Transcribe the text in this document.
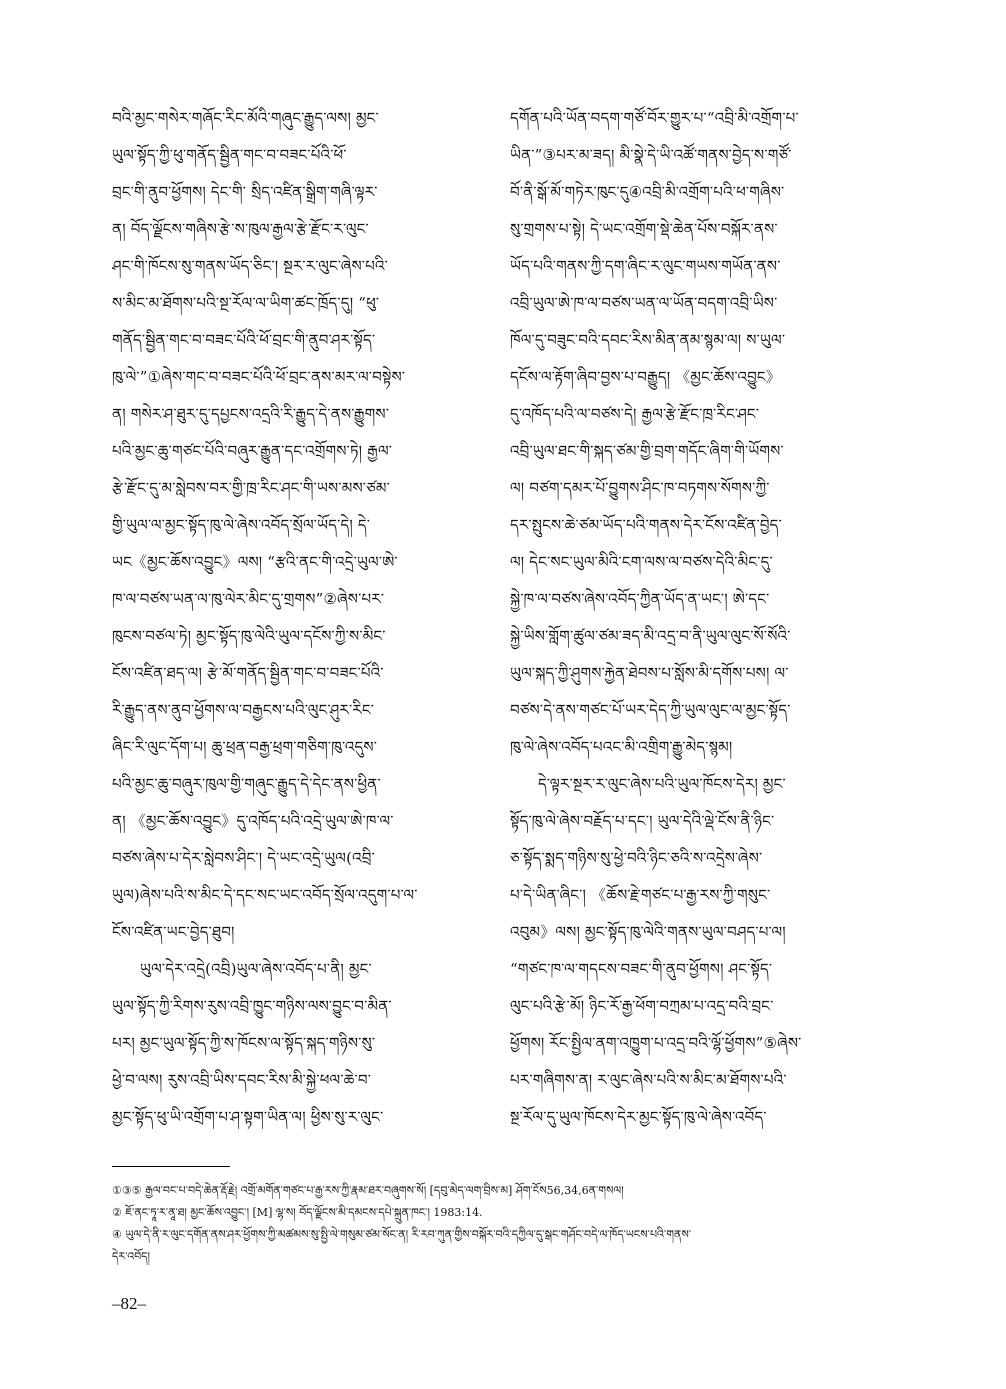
བའི་མྱང་གསེར་གཞོང་རིང་མོའི་གཞུང་རྒྱུད་ལས། མྱང་
ཡུལ་སྟོད་ཀྱི་ཕུ་གནོད་སྦྱིན་གང་བ་བཟང་པོའི་ཕོ་
བྲང་གི་ནུབ་ཕྱོགས། དེང་གི་ སྲིད་འཛིན་སྒྲིག་གཞི་ལྟར་
ན། བོད་ལྗོངས་གཞིས་རྩེ་ས་ཁུལ་རྒྱལ་རྩེ་རྫོང་ར་ལུང་
ཤང་གི་ཁོངས་སུ་གནས་ཡོད་ཅིང་། སྔར་ར་ལུང་ཞེས་པའི་
ས་མིང་མ་ཐོགས་པའི་སྔ་རོལ་ལ་ཡིག་ཚང་ཁྲོད་དུ། “ཕུ་
གནོད་སྦྱིན་གང་བ་བཟང་པོའི་ཕོ་བྲང་གི་ནུབ་ཤར་སྟོད་
ཁུ་ལེ་”①ཞེས་གང་བ་བཟང་པོའི་ཕོ་བྲང་ནས་མར་ལ་བསྟེས་
ན། གསེར་ཤ་ཐུར་དུ་དཔྱངས་འདྲའི་རི་རྒྱུད་དེ་ནས་རྒྱུགས་
པའི་མྱང་ཆུ་གཙང་པོའི་བཞུར་རྒྱུན་དང་འགྲོགས་ཏེ། རྒྱལ་
རྩེ་རྫོང་དུ་མ་སླེབས་བར་གྱི་ཁྲ་རིང་ཤང་གི་ཡས་མས་ཙམ་
གྱི་ཡུལ་ལ་མྱང་སྟོད་ཁུ་ལེ་ཞེས་འབོད་སྲོལ་ཡོད་དེ། དེ་
ཡང《མྱང་ཆོས་འབྱུང》ལས། “རྩའི་ནང་གི་འདྲེ་ཡུལ་ཨེ་
ཁ་ལ་བཙས་ཡན་ལ་ཁུ་ལེར་མིང་དུ་གྲགས”②ཞེས་པར་
ཁུངས་བཙལ་ཏེ། མྱང་སྟོད་ཁུ་ལེའི་ཡུལ་དངོས་ཀྱི་ས་མིང་
ངོས་འཛིན་ཐད་ལ། རྩེ་མོ་གནོད་སྦྱིན་གང་བ་བཟང་པོའི་
རི་རྒྱུད་ནས་ནུབ་ཕྱོགས་ལ་བརྒྱངས་པའི་ལུང་ཤུར་རིང་
ཞིང་རི་ལུང་དོག་པ། ཆུ་ཕྲན་བརྒྱ་ཕྲག་གཅིག་ཁུ་འདུས་
པའི་མྱང་ཆུ་བཞུར་ཁུལ་གྱི་གཞུང་རྒྱུད་དེ་དེང་ནས་ཕྱིན་
ན། 《མྱང་ཆོས་འབྱུང》དུ་འཁོད་པའི་འདྲེ་ཡུལ་ཨེ་ཁ་ལ་
བཙས་ཞེས་པ་དེར་སླེབས་ཤིང་། དེ་ཡང་འདྲེ་ཡུལ(འབྲི་
ཡུལ)ཞེས་པའི་ས་མིང་དེ་དང་སང་ཡང་འབོད་སྲོལ་འདུག་པ་ལ་
ངོས་འཛིན་ཡང་བྱེད་ཐུབ།
ཡུལ་དེར་འདྲེ(འབྲི)ཡུལ་ཞེས་འབོད་པ་ནི། མྱང་
ཡུལ་སྟོད་ཀྱི་རིགས་རུས་འབྲི་ཁྱུང་གཉིས་ལས་བྱུང་བ་མིན་
པར། མྱང་ཡུལ་སྟོད་ཀྱི་ས་ཁོངས་ལ་སྟོད་སྐད་གཉིས་སུ་
ཕྱེ་བ་ལས། རུས་འབྲི་ཡིས་དབང་རིས་མི་སྐྱེ་ཕལ་ཆེ་བ་
མྱང་སྟོད་ཕུ་ཡི་འགྲོག་པ་ཤ་སྟག་ཡིན་ལ། ཕྱིས་སུ་ར་ལུང་
དགོན་པའི་ཡོན་བདག་གཙོ་བོར་གྱུར་པ་“འབྲི་མི་འགྲོག་པ་
ཡིན་”③པར་མ་ཟད། མི་སྣེ་དེ་ཡི་འཚོ་གནས་བྱེད་ས་གཙོ་
བོ་ནི་སྒོ་མོ་གཏེར་ཁུང་དུ④འབྲི་མི་འགྲོག་པའི་ཕ་གཞིས་
སུ་གྲགས་པ་སྟེ། དེ་ཡང་འགྲོག་སྡེ་ཆེན་པོས་བསྐོར་ནས་
ཡོད་པའི་གནས་ཀྱི་དག་ཞིང་ར་ལུང་གཡས་གཡོན་ནས་
འབྲི་ཡུལ་ཨེ་ཁ་ལ་བཙས་ཡན་ལ་ཡོན་བདག་འབྲི་ཡིས་
ཁོལ་དུ་བཟུང་བའི་དབང་རིས་མིན་ནམ་སྙམ་ལ། ས་ཡུལ་
དངོས་ལ་རྟོག་ཞིབ་བྱས་པ་བརྒྱུད། 《མྱང་ཆོས་འབྱུང》
དུ་འཁོད་པའི་ལ་བཙས་དེ། རྒྱལ་རྩེ་རྫོང་ཁྲ་རིང་ཤང་
འབྲི་ཡུལ་ཐང་གི་སྐད་ཙམ་གྱི་བྲག་གདོང་ཞིག་གི་ཡོགས་
ལ། བཙག་དམར་པོ་བྱུགས་ཤིང་ཁ་བཏགས་སོགས་ཀྱི་
དར་སྤུངས་ཆེ་ཙམ་ཡོད་པའི་གནས་དེར་ངོས་འཛིན་བྱེད་
ལ། དེང་སང་ཡུལ་མིའི་ངག་ལས་ལ་བཙས་དེའི་མིང་དུ་
སྐྱེ་ཁ་ལ་བཙས་ཞེས་འབོད་ཀྱིན་ཡོད་ན་ཡང་། ཨེ་དང་
སྐྱེ་ཡིས་གློག་ཚུལ་ཙམ་ཟད་མི་འདྲ་བ་ནི་ཡུལ་ལུང་སོ་སོའི་
ཡུལ་སྐད་ཀྱི་ཤུགས་རྐྱེན་ཐེབས་པ་སློས་མི་དགོས་པས། ལ་
བཙས་དེ་ནས་གཙང་པོ་ཡར་དེད་ཀྱི་ཡུལ་ལུང་ལ་མྱང་སྟོད་
ཁུ་ལེ་ཞེས་འབོད་པའང་མི་འགྲིག་རྒྱུ་མེད་སྙམ།
དེ་ལྟར་སྔར་ར་ལུང་ཞེས་པའི་ཡུལ་ཁོངས་དེར། མྱང་
སྟོད་ཁུ་ལེ་ཞེས་བརྗོད་པ་དང་། ཡུལ་དེའི་ལྡེ་ངོས་ནི་ཉིང་
ཅ་སྟོད་སྨད་གཉིས་སུ་ཕྱེ་བའི་ཉིང་ཅའི་ས་འདྲེས་ཞེས་
པ་དེ་ཡིན་ཞིང་། 《ཆོས་རྗེ་གཙང་པ་རྒྱ་རས་ཀྱི་གསུང་
འབུམ》ལས། མྱང་སྟོད་ཁུ་ལེའི་གནས་ཡུལ་བཤད་པ་ལ།
“གཙང་ཁ་ལ་གདངས་བཟང་གི་ནུབ་ཕྱོགས། ཤང་སྟོད་
ལུང་པའི་རྩེ་མོ། ཉིང་རོ་རྒྱ་ཕོག་བཀྲམ་པ་འདྲ་བའི་བྲང་
ཕྱོགས། རོང་སྤྱིལ་ནག་འཁྱུག་པ་འདྲ་བའི་ལྷོ་ཕྱོགས”⑤ཞེས་
པར་གཞིགས་ན། ར་ལུང་ཞེས་པའི་ས་མིང་མ་ཐོགས་པའི་
སྔ་རོལ་དུ་ཡུལ་ཁོངས་དེར་མྱང་སྟོད་ཁུ་ལེ་ཞེས་འབོད་
①③⑤ རྒྱལ་བང་པ་བདེ་ཆེན་རྡོ་རྗེ། འགྲོ་མགོན་གཙང་པ་རྒྱ་རས་ཀྱི་རྣམ་ཐར་བཞུགས་སོ། [དབུ་མེད་ལག་བྲིས་མ] ཤོག་ངོས56,34,6ན་གསལ།
② ཇོ་ནང་ཏཱ་ར་ནཱ་ཐ། མྱང་ཆོས་འབྱུང་། [M] ལྷ་ས། བོད་ལྗོངས་མི་དམངས་དཔེ་སྐྲུན་ཁང་། 1983:14.
④ ཡུལ་དེ་ནི་ར་ལུང་དགོན་ནས་ཤར་ཕྱོགས་ཀྱི་མཚམས་སུ་སྤྱི་ལེ་གསུམ་ཙམ་སོང་ན། རི་རབ་ཀུན་གྱིས་བསྐོར་བའི་དཀྱིལ་དུ་སྒང་གཤོང་བདེ་ལ་ཁོད་ཡངས་པའི་གནས་
དེར་འབོད།
–82–
